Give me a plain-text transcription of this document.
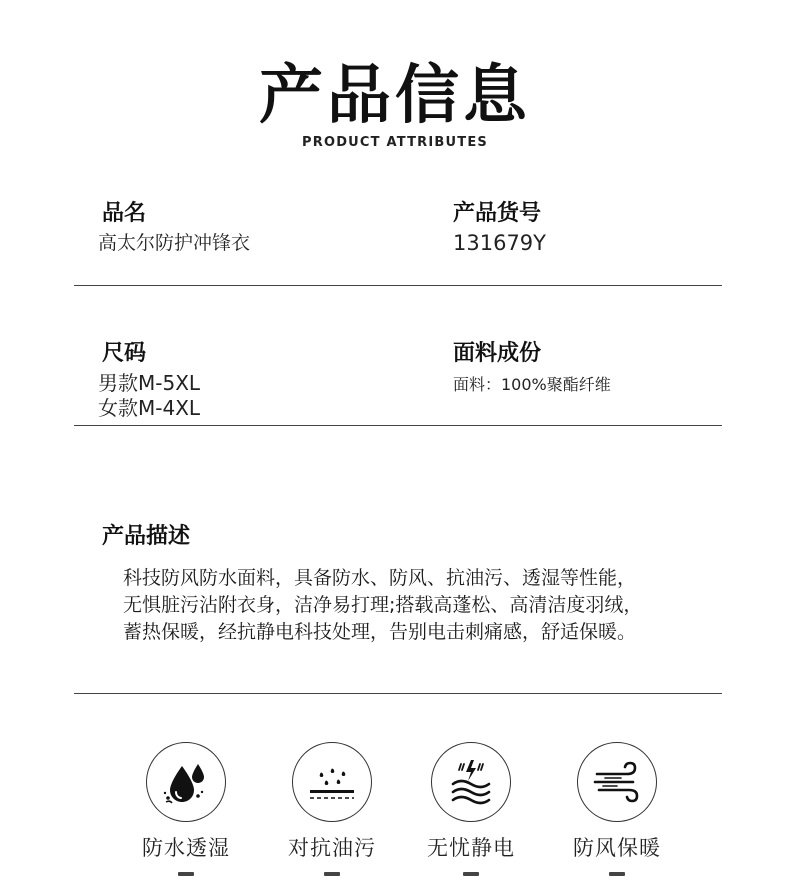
产品信息
PRODUCT ATTRIBUTES
品名
高太尔防护冲锋衣
产品货号
131679Y
尺码
男款M-5XL
女款M-4XL
面料成份
面料：100%聚酯纤维
产品描述
科技防风防水面料，具备防水、防风、抗油污、透湿等性能，
无惧脏污沾附衣身，洁净易打理;搭载高蓬松、高清洁度羽绒，
蓄热保暖，经抗静电科技处理，告别电击刺痛感，舒适保暖。
防水透湿	对抗油污	无忧静电	防风保暖
